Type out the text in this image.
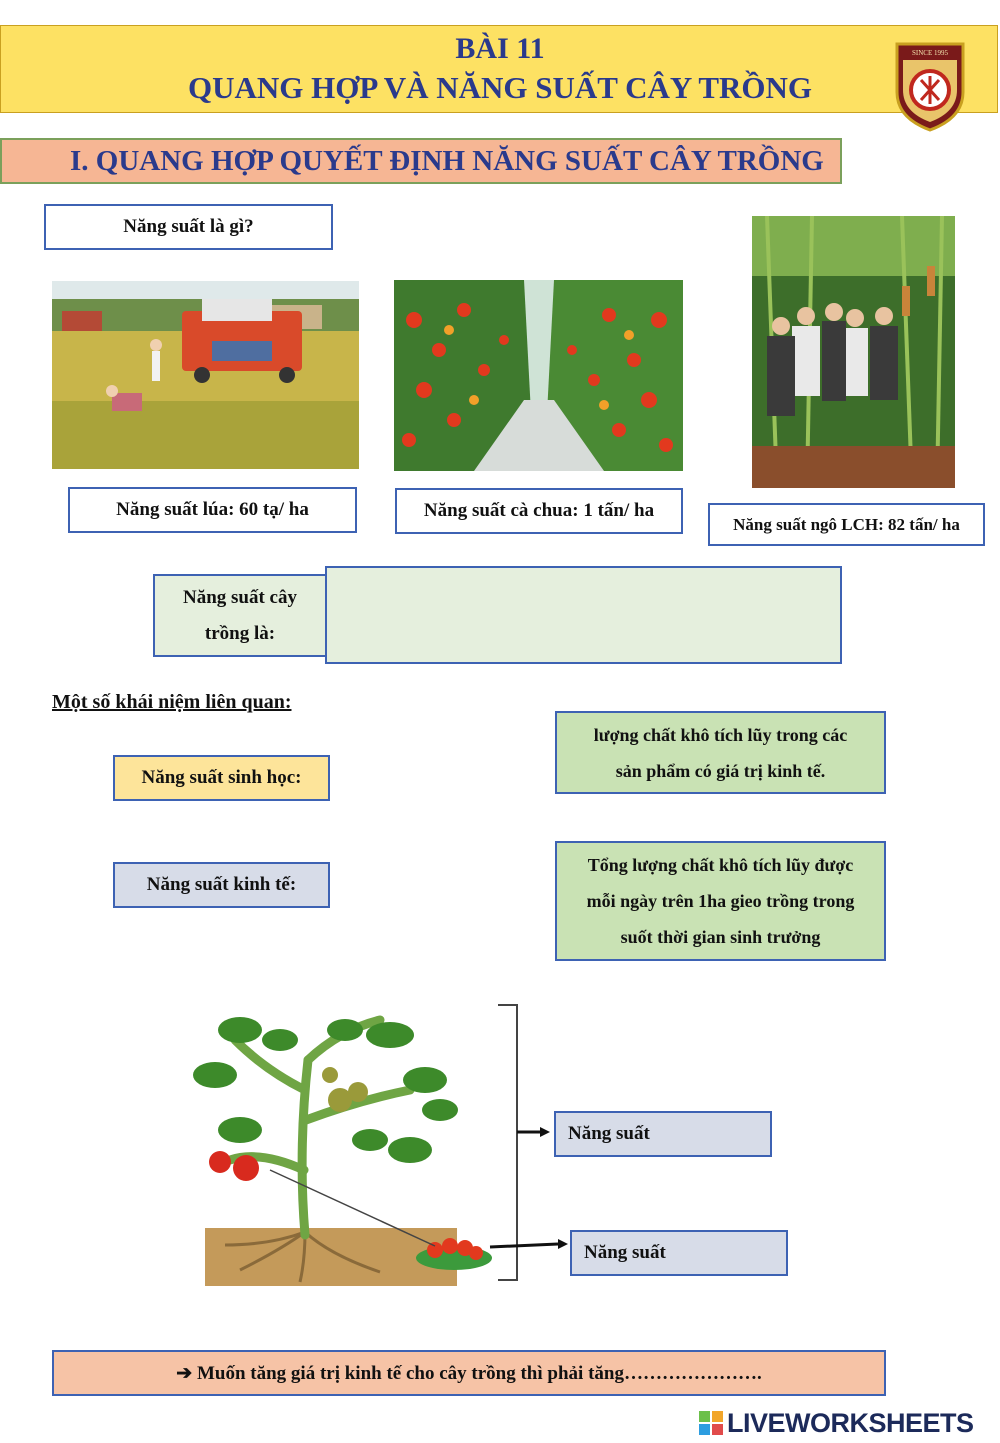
BÀI 11
QUANG HỢP VÀ NĂNG SUẤT CÂY TRỒNG
SINCE 1995
I. QUANG HỢP QUYẾT ĐỊNH NĂNG SUẤT CÂY TRỒNG
Năng suất là gì?
Năng suất lúa: 60 tạ/ ha	Năng suất cà chua: 1 tấn/ ha
Năng suất ngô LCH: 82 tấn/ ha
Năng suất cây
trồng là:
Một số khái niệm liên quan:
Năng suất sinh học:
Năng suất kinh tế:
lượng chất khô tích lũy trong các
sản phẩm có giá trị kinh tế.
Tổng lượng chất khô tích lũy được
mỗi ngày trên 1ha gieo trồng trong
suốt thời gian sinh trưởng
Năng suất
Năng suất
➔ Muốn tăng giá trị kinh tế cho cây trồng thì phải tăng………………….
LIVEWORKSHEETS
